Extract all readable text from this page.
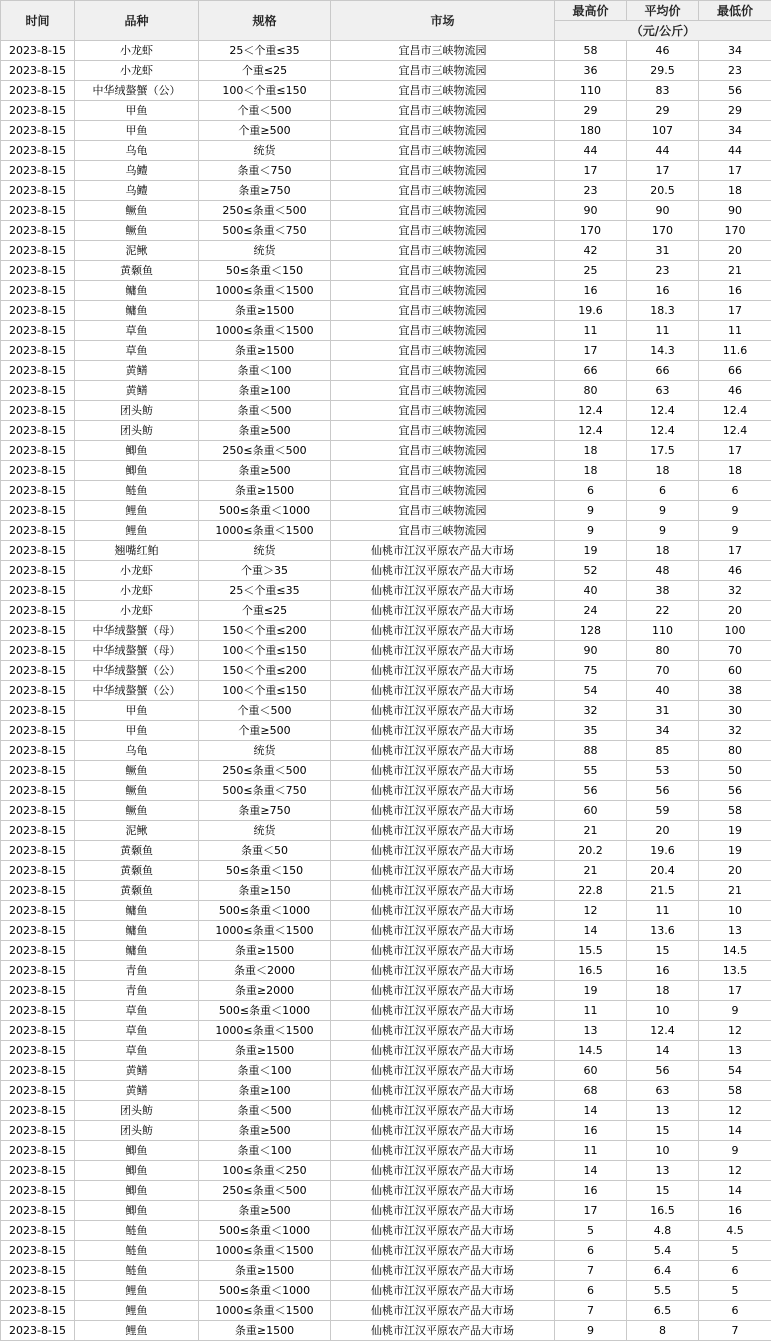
时间	品种	规格	市场	最高价	平均价	最低价
				（元/公斤）		
2023-8-15	小龙虾	25＜个重≤35	宜昌市三峡物流园	58	46	34
2023-8-15	小龙虾	个重≤25	宜昌市三峡物流园	36	29.5	23
2023-8-15	中华绒螯蟹（公）	100＜个重≤150	宜昌市三峡物流园	110	83	56
2023-8-15	甲鱼	个重＜500	宜昌市三峡物流园	29	29	29
2023-8-15	甲鱼	个重≥500	宜昌市三峡物流园	180	107	34
2023-8-15	乌龟	统货	宜昌市三峡物流园	44	44	44
2023-8-15	乌鳢	条重＜750	宜昌市三峡物流园	17	17	17
2023-8-15	乌鳢	条重≥750	宜昌市三峡物流园	23	20.5	18
2023-8-15	鳜鱼	250≤条重＜500	宜昌市三峡物流园	90	90	90
2023-8-15	鳜鱼	500≤条重＜750	宜昌市三峡物流园	170	170	170
2023-8-15	泥鳅	统货	宜昌市三峡物流园	42	31	20
2023-8-15	黄颡鱼	50≤条重＜150	宜昌市三峡物流园	25	23	21
2023-8-15	鳙鱼	1000≤条重＜1500	宜昌市三峡物流园	16	16	16
2023-8-15	鳙鱼	条重≥1500	宜昌市三峡物流园	19.6	18.3	17
2023-8-15	草鱼	1000≤条重＜1500	宜昌市三峡物流园	11	11	11
2023-8-15	草鱼	条重≥1500	宜昌市三峡物流园	17	14.3	11.6
2023-8-15	黄鳝	条重＜100	宜昌市三峡物流园	66	66	66
2023-8-15	黄鳝	条重≥100	宜昌市三峡物流园	80	63	46
2023-8-15	团头鲂	条重＜500	宜昌市三峡物流园	12.4	12.4	12.4
2023-8-15	团头鲂	条重≥500	宜昌市三峡物流园	12.4	12.4	12.4
2023-8-15	鲫鱼	250≤条重＜500	宜昌市三峡物流园	18	17.5	17
2023-8-15	鲫鱼	条重≥500	宜昌市三峡物流园	18	18	18
2023-8-15	鲢鱼	条重≥1500	宜昌市三峡物流园	6	6	6
2023-8-15	鲤鱼	500≤条重＜1000	宜昌市三峡物流园	9	9	9
2023-8-15	鲤鱼	1000≤条重＜1500	宜昌市三峡物流园	9	9	9
2023-8-15	翘嘴红鲌	统货	仙桃市江汉平原农产品大市场	19	18	17
2023-8-15	小龙虾	个重＞35	仙桃市江汉平原农产品大市场	52	48	46
2023-8-15	小龙虾	25＜个重≤35	仙桃市江汉平原农产品大市场	40	38	32
2023-8-15	小龙虾	个重≤25	仙桃市江汉平原农产品大市场	24	22	20
2023-8-15	中华绒螯蟹（母）	150＜个重≤200	仙桃市江汉平原农产品大市场	128	110	100
2023-8-15	中华绒螯蟹（母）	100＜个重≤150	仙桃市江汉平原农产品大市场	90	80	70
2023-8-15	中华绒螯蟹（公）	150＜个重≤200	仙桃市江汉平原农产品大市场	75	70	60
2023-8-15	中华绒螯蟹（公）	100＜个重≤150	仙桃市江汉平原农产品大市场	54	40	38
2023-8-15	甲鱼	个重＜500	仙桃市江汉平原农产品大市场	32	31	30
2023-8-15	甲鱼	个重≥500	仙桃市江汉平原农产品大市场	35	34	32
2023-8-15	乌龟	统货	仙桃市江汉平原农产品大市场	88	85	80
2023-8-15	鳜鱼	250≤条重＜500	仙桃市江汉平原农产品大市场	55	53	50
2023-8-15	鳜鱼	500≤条重＜750	仙桃市江汉平原农产品大市场	56	56	56
2023-8-15	鳜鱼	条重≥750	仙桃市江汉平原农产品大市场	60	59	58
2023-8-15	泥鳅	统货	仙桃市江汉平原农产品大市场	21	20	19
2023-8-15	黄颡鱼	条重＜50	仙桃市江汉平原农产品大市场	20.2	19.6	19
2023-8-15	黄颡鱼	50≤条重＜150	仙桃市江汉平原农产品大市场	21	20.4	20
2023-8-15	黄颡鱼	条重≥150	仙桃市江汉平原农产品大市场	22.8	21.5	21
2023-8-15	鳙鱼	500≤条重＜1000	仙桃市江汉平原农产品大市场	12	11	10
2023-8-15	鳙鱼	1000≤条重＜1500	仙桃市江汉平原农产品大市场	14	13.6	13
2023-8-15	鳙鱼	条重≥1500	仙桃市江汉平原农产品大市场	15.5	15	14.5
2023-8-15	青鱼	条重＜2000	仙桃市江汉平原农产品大市场	16.5	16	13.5
2023-8-15	青鱼	条重≥2000	仙桃市江汉平原农产品大市场	19	18	17
2023-8-15	草鱼	500≤条重＜1000	仙桃市江汉平原农产品大市场	11	10	9
2023-8-15	草鱼	1000≤条重＜1500	仙桃市江汉平原农产品大市场	13	12.4	12
2023-8-15	草鱼	条重≥1500	仙桃市江汉平原农产品大市场	14.5	14	13
2023-8-15	黄鳝	条重＜100	仙桃市江汉平原农产品大市场	60	56	54
2023-8-15	黄鳝	条重≥100	仙桃市江汉平原农产品大市场	68	63	58
2023-8-15	团头鲂	条重＜500	仙桃市江汉平原农产品大市场	14	13	12
2023-8-15	团头鲂	条重≥500	仙桃市江汉平原农产品大市场	16	15	14
2023-8-15	鲫鱼	条重＜100	仙桃市江汉平原农产品大市场	11	10	9
2023-8-15	鲫鱼	100≤条重＜250	仙桃市江汉平原农产品大市场	14	13	12
2023-8-15	鲫鱼	250≤条重＜500	仙桃市江汉平原农产品大市场	16	15	14
2023-8-15	鲫鱼	条重≥500	仙桃市江汉平原农产品大市场	17	16.5	16
2023-8-15	鲢鱼	500≤条重＜1000	仙桃市江汉平原农产品大市场	5	4.8	4.5
2023-8-15	鲢鱼	1000≤条重＜1500	仙桃市江汉平原农产品大市场	6	5.4	5
2023-8-15	鲢鱼	条重≥1500	仙桃市江汉平原农产品大市场	7	6.4	6
2023-8-15	鲤鱼	500≤条重＜1000	仙桃市江汉平原农产品大市场	6	5.5	5
2023-8-15	鲤鱼	1000≤条重＜1500	仙桃市江汉平原农产品大市场	7	6.5	6
2023-8-15	鲤鱼	条重≥1500	仙桃市江汉平原农产品大市场	9	8	7
